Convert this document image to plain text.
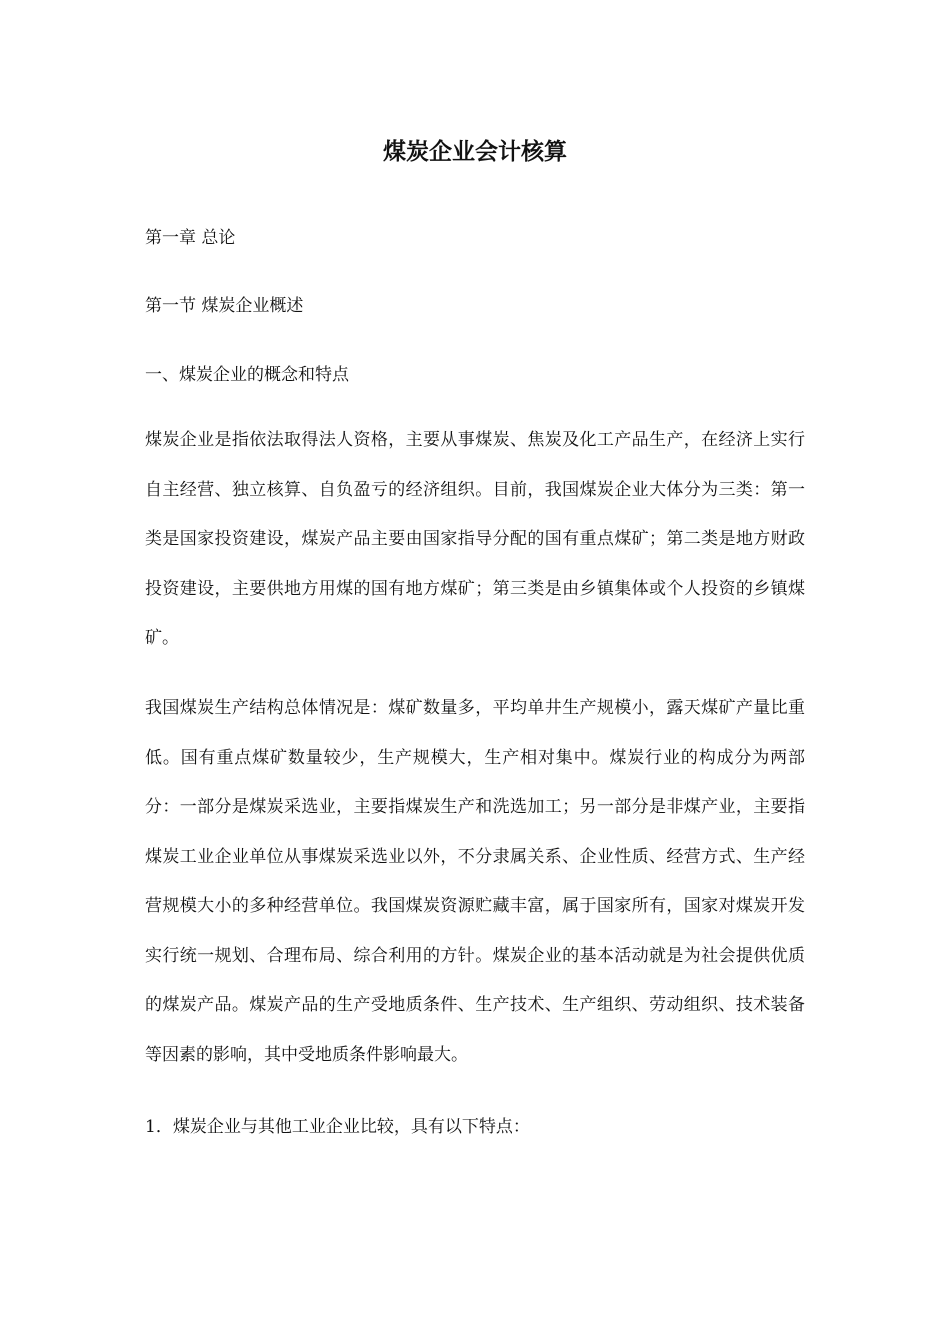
煤炭企业会计核算

第一章 总论

第一节 煤炭企业概述

一、煤炭企业的概念和特点

煤炭企业是指依法取得法人资格，主要从事煤炭、焦炭及化工产品生产，在经济上实行自主经营、独立核算、自负盈亏的经济组织。目前，我国煤炭企业大体分为三类：第一类是国家投资建设，煤炭产品主要由国家指导分配的国有重点煤矿；第二类是地方财政投资建设，主要供地方用煤的国有地方煤矿；第三类是由乡镇集体或个人投资的乡镇煤矿。

我国煤炭生产结构总体情况是：煤矿数量多，平均单井生产规模小，露天煤矿产量比重低。国有重点煤矿数量较少，生产规模大，生产相对集中。煤炭行业的构成分为两部分：一部分是煤炭采选业，主要指煤炭生产和洗选加工；另一部分是非煤产业，主要指煤炭工业企业单位从事煤炭采选业以外，不分隶属关系、企业性质、经营方式、生产经营规模大小的多种经营单位。我国煤炭资源贮藏丰富，属于国家所有，国家对煤炭开发实行统一规划、合理布局、综合利用的方针。煤炭企业的基本活动就是为社会提供优质的煤炭产品。煤炭产品的生产受地质条件、生产技术、生产组织、劳动组织、技术装备等因素的影响，其中受地质条件影响最大。

1．煤炭企业与其他工业企业比较，具有以下特点：
